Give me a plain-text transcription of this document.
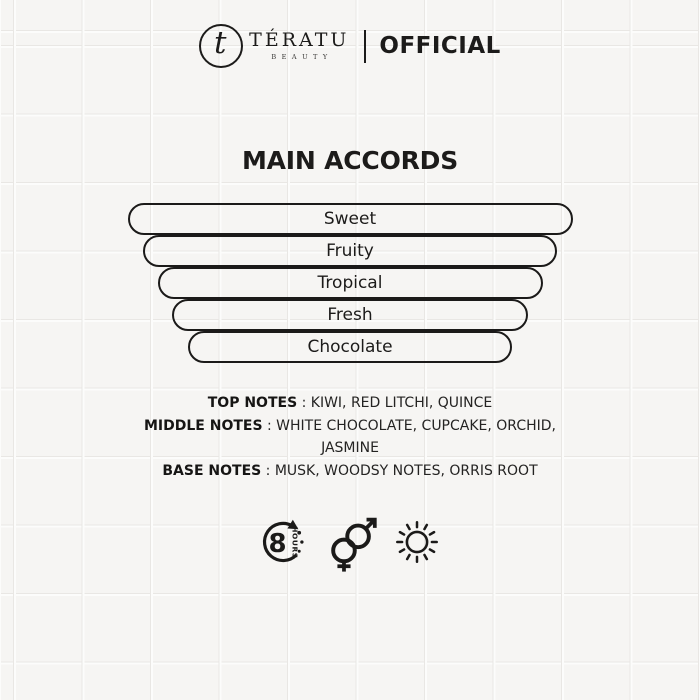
t TÉRATU
BEAUTY OFFICIAL
MAIN ACCORDS
Sweet
Fruity
Tropical
Fresh
Chocolate

TOP NOTES : KIWI, RED LITCHI, QUINCE

MIDDLE NOTES : WHITE CHOCOLATE, CUPCAKE, ORCHID, JASMINE

BASE NOTES : MUSK, WOODSY NOTES, ORRIS ROOT

8 HOURS
